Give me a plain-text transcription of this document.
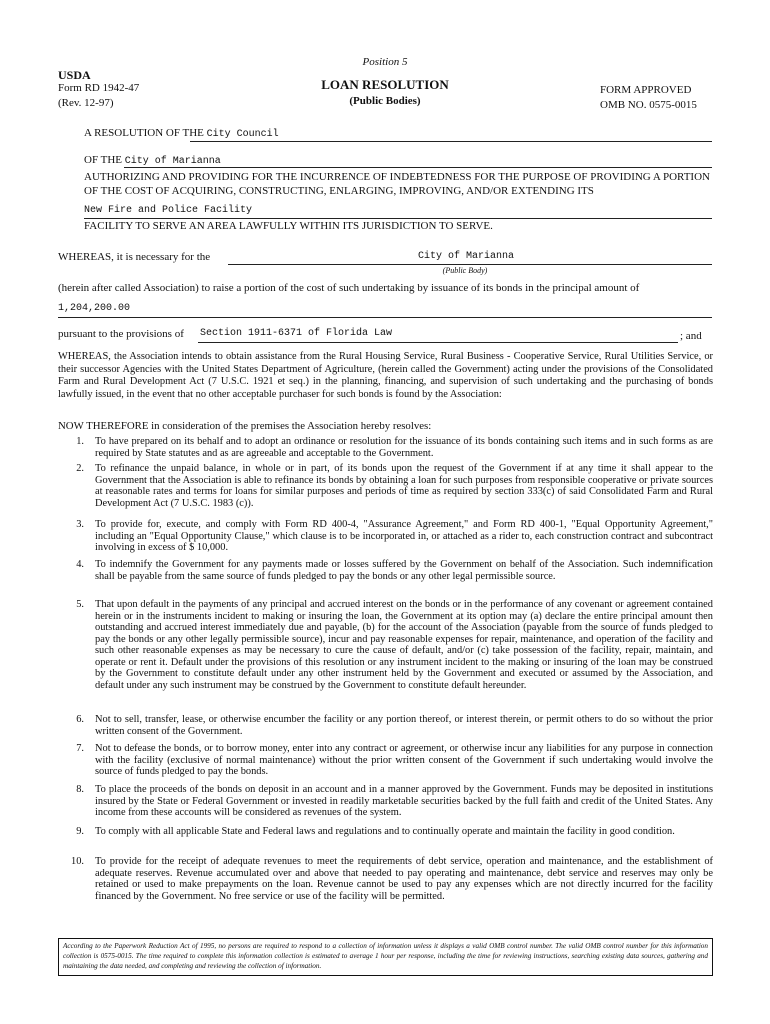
Position 5
USDA
Form RD 1942-47
(Rev. 12-97)
LOAN RESOLUTION
(Public Bodies)
FORM APPROVED
OMB NO. 0575-0015
A RESOLUTION OF THE City Council
OF THE City of Marianna
AUTHORIZING AND PROVIDING FOR THE INCURRENCE OF INDEBTEDNESS FOR THE PURPOSE OF PROVIDING A PORTION OF THE COST OF ACQUIRING, CONSTRUCTING, ENLARGING, IMPROVING, AND/OR EXTENDING ITS
New Fire and Police Facility
FACILITY TO SERVE AN AREA LAWFULLY WITHIN ITS JURISDICTION TO SERVE.
WHEREAS, it is necessary for the	City of Marianna
(Public Body)
(herein after called Association) to raise a portion of the cost of such undertaking by issuance of its bonds in the principal amount of
1,204,200.00
pursuant to the provisions of Section 1911-6371 of Florida Law	; and
WHEREAS, the Association intends to obtain assistance from the Rural Housing Service, Rural Business - Cooperative Service, Rural Utilities Service, or their successor Agencies with the United States Department of Agriculture, (herein called the Government) acting under the provisions of the Consolidated Farm and Rural Development Act (7 U.S.C. 1921 et seq.) in the planning, financing, and supervision of such undertaking and the purchasing of bonds lawfully issued, in the event that no other acceptable purchaser for such bonds is found by the Association:
NOW THEREFORE in consideration of the premises the Association hereby resolves:
1. To have prepared on its behalf and to adopt an ordinance or resolution for the issuance of its bonds containing such items and in such forms as are required by State statutes and as are agreeable and acceptable to the Government.
2. To refinance the unpaid balance, in whole or in part, of its bonds upon the request of the Government if at any time it shall appear to the Government that the Association is able to refinance its bonds by obtaining a loan for such purposes from responsible cooperative or private sources at reasonable rates and terms for loans for similar purposes and periods of time as required by section 333(c) of said Consolidated Farm and Rural Development Act (7 U.S.C. 1983 (c)).
3. To provide for, execute, and comply with Form RD 400-4, "Assurance Agreement," and Form RD 400-1, "Equal Opportunity Agreement," including an "Equal Opportunity Clause," which clause is to be incorporated in, or attached as a rider to, each construction contract and subcontract involving in excess of $ 10,000.
4. To indemnify the Government for any payments made or losses suffered by the Government on behalf of the Association. Such indemnification shall be payable from the same source of funds pledged to pay the bonds or any other legal permissible source.
5. That upon default in the payments of any principal and accrued interest on the bonds or in the performance of any covenant or agreement contained herein or in the instruments incident to making or insuring the loan, the Government at its option may (a) declare the entire principal amount then outstanding and accrued interest immediately due and payable, (b) for the account of the Association (payable from the source of funds pledged to pay the bonds or any other legally permissible source), incur and pay reasonable expenses for repair, maintenance, and operation of the facility and such other reasonable expenses as may be necessary to cure the cause of default, and/or (c) take possession of the facility, repair, maintain, and operate or rent it. Default under the provisions of this resolution or any instrument incident to the making or insuring of the loan may be construed by the Government to constitute default under any other instrument held by the Government and executed or assumed by the Association, and default under any such instrument may be construed by the Government to constitute default hereunder.
6. Not to sell, transfer, lease, or otherwise encumber the facility or any portion thereof, or interest therein, or permit others to do so without the prior written consent of the Government.
7. Not to defease the bonds, or to borrow money, enter into any contract or agreement, or otherwise incur any liabilities for any purpose in connection with the facility (exclusive of normal maintenance) without the prior written consent of the Government if such undertaking would involve the source of funds pledged to pay the bonds.
8. To place the proceeds of the bonds on deposit in an account and in a manner approved by the Government. Funds may be deposited in institutions insured by the State or Federal Government or invested in readily marketable securities backed by the full faith and credit of the United States. Any income from these accounts will be considered as revenues of the system.
9. To comply with all applicable State and Federal laws and regulations and to continually operate and maintain the facility in good condition.
10. To provide for the receipt of adequate revenues to meet the requirements of debt service, operation and maintenance, and the establishment of adequate reserves. Revenue accumulated over and above that needed to pay operating and maintenance, debt service and reserves may only be retained or used to make prepayments on the loan. Revenue cannot be used to pay any expenses which are not directly incurred for the facility financed by the Government. No free service or use of the facility will be permitted.
According to the Paperwork Reduction Act of 1995, no persons are required to respond to a collection of information unless it displays a valid OMB control number. The valid OMB control number for this information collection is 0575-0015. The time required to complete this information collection is estimated to average 1 hour per response, including the time for reviewing instructions, searching existing data sources, gathering and maintaining the data needed, and completing and reviewing the collection of information.
